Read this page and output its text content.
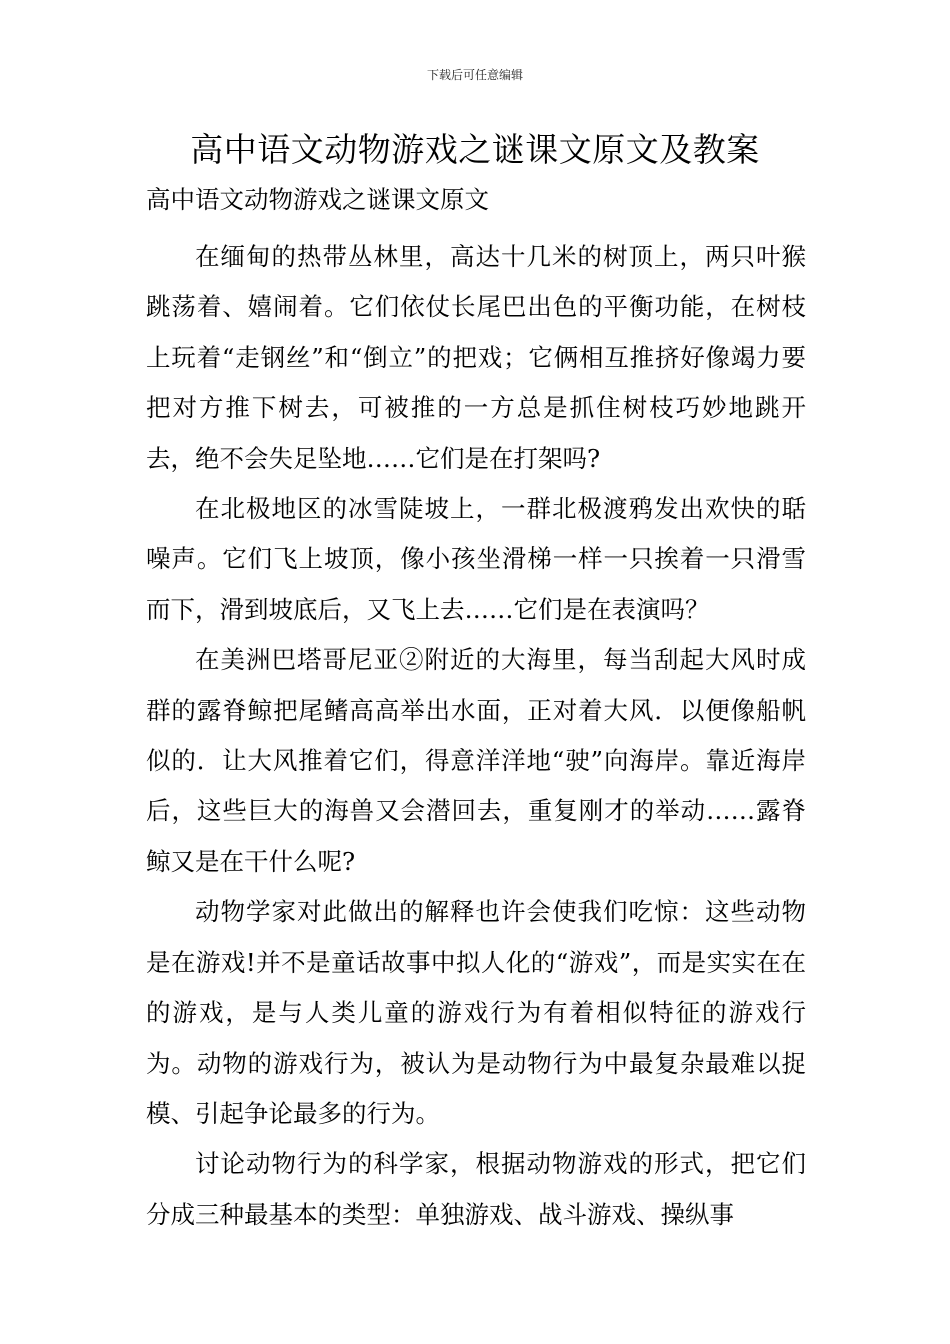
下载后可任意编辑
高中语文动物游戏之谜课文原文及教案

高中语文动物游戏之谜课文原文

在缅甸的热带丛林里，高达十几米的树顶上，两只叶猴跳荡着、嬉闹着。它们依仗长尾巴出色的平衡功能，在树枝上玩着“走钢丝”和“倒立”的把戏；它俩相互推挤好像竭力要把对方推下树去，可被推的一方总是抓住树枝巧妙地跳开去，绝不会失足坠地……它们是在打架吗?

在北极地区的冰雪陡坡上，一群北极渡鸦发出欢快的聒噪声。它们飞上坡顶，像小孩坐滑梯一样一只挨着一只滑雪而下，滑到坡底后，又飞上去……它们是在表演吗？

在美洲巴塔哥尼亚②附近的大海里，每当刮起大风时成群的露脊鲸把尾鳍高高举出水面，正对着大风．以便像船帆似的．让大风推着它们，得意洋洋地“驶”向海岸。靠近海岸后，这些巨大的海兽又会潜回去，重复刚才的举动……露脊鲸又是在干什么呢?

动物学家对此做出的解释也许会使我们吃惊：这些动物是在游戏!并不是童话故事中拟人化的“游戏”，而是实实在在的游戏，是与人类儿童的游戏行为有着相似特征的游戏行为。动物的游戏行为，被认为是动物行为中最复杂最难以捉模、引起争论最多的行为。

讨论动物行为的科学家，根据动物游戏的形式，把它们分成三种最基本的类型：单独游戏、战斗游戏、操纵事
